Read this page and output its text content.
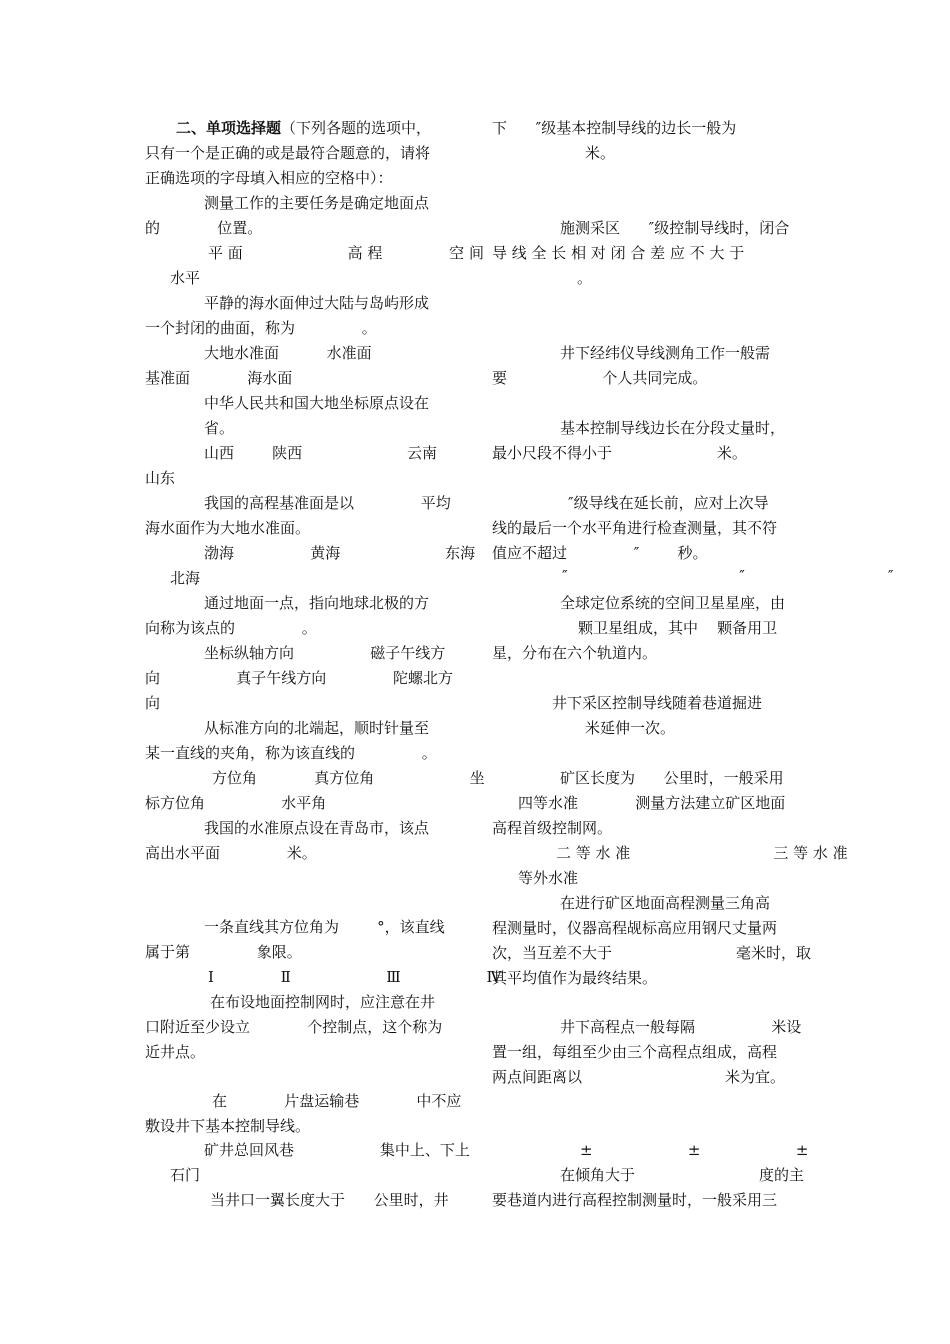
二、单项选择题（下列各题的选项中，
只有一个是正确的或是最符合题意的，请将
正确选项的字母填入相应的空格中）：
测量工作的主要任务是确定地面点
的            位置。
平 面                      高 程              空 间
水平
平静的海水面伸过大陆与岛屿形成
一个封闭的曲面，称为              。
大地水准面          水准面
基准面            海水面
中华人民共和国大地坐标原点设在
省。
山西        陕西                      云南
山东
我国的高程基准面是以              平均
海水面作为大地水准面。
渤海                黄海                      东海
北海
通过地面一点，指向地球北极的方
向称为该点的              。
坐标纵轴方向                磁子午线方
向                真子午线方向              陀螺北方
向
从标准方向的北端起，顺时针量至
某一直线的夹角，称为该直线的              。
方位角            真方位角                    坐
标方位角                水平角
我国的水准原点设在青岛市，该点
高出水平面              米。
一条直线其方位角为        °，该直线
属于第              象限。
Ⅰ              Ⅱ                    Ⅲ                  Ⅳ
在布设地面控制网时，应注意在井
口附近至少设立            个控制点，这个称为
近井点。
在            片盘运输巷            中不应
敷设井下基本控制导线。
矿井总回风巷                  集中上、下上
石门
当井口一翼长度大于      公里时，井
下      ″级基本控制导线的边长一般为
米。
施测采区      ″级控制导线时，闭合
导 线 全 长 相 对 闭 合 差 应 不 大 于
。
井下经纬仪导线测角工作一般需
要                    个人共同完成。
基本控制导线边长在分段丈量时，
最小尺段不得小于                      米。
″级导线在延长前，应对上次导
线的最后一个水平角进行检查测量，其不符
值应不超过              ″        秒。
″                                    ″                              ″
全球定位系统的空间卫星星座，由
颗卫星组成，其中    颗备用卫
星，分布在六个轨道内。
井下采区控制导线随着巷道掘进
米延伸一次。
矿区长度为      公里时，一般采用
四等水准            测量方法建立矿区地面
高程首级控制网。
二 等 水 准                              三 等 水 准
等外水准
在进行矿区地面高程测量三角高
程测量时，仪器高程觇标高应用钢尺丈量两
次，当互差不大于                          毫米时，取
其平均值作为最终结果。
井下高程点一般每隔                米设
置一组，每组至少由三个高程点组成，高程
两点间距离以                              米为宜。
±                    ±                    ±
在倾角大于                          度的主
要巷道内进行高程控制测量时，一般采用三
